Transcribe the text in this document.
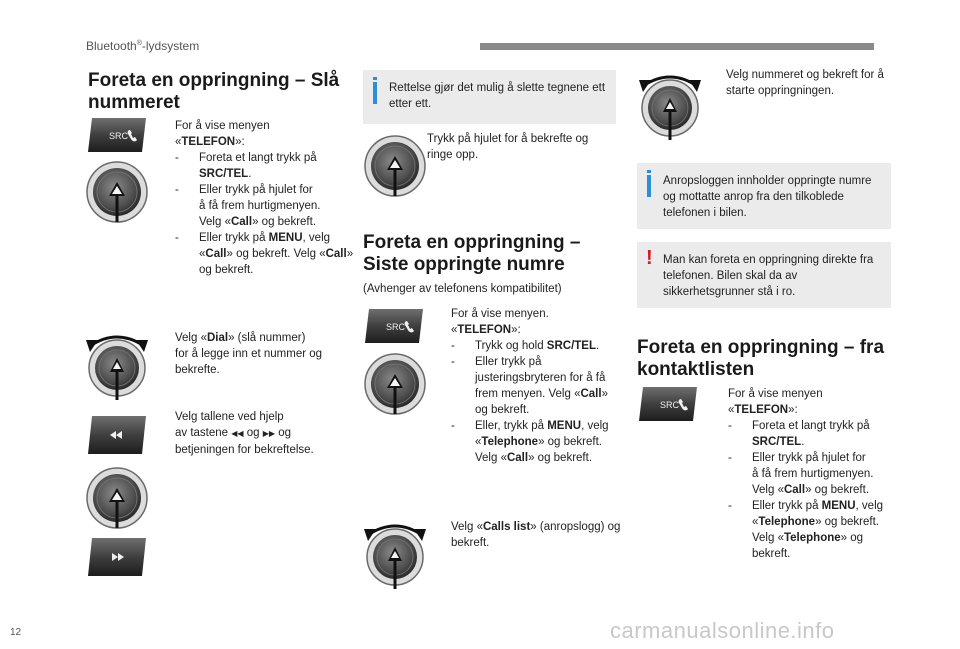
Bluetooth®-lydsystem
Foreta en oppringning – Slå
nummeret
For å vise menyen
«TELEFON»:
- Foreta et langt trykk på SRC/TEL.
- Eller trykk på hjulet for
å få frem hurtigmenyen.
Velg «Call» og bekreft.
- Eller trykk på MENU, velg «Call» og bekreft. Velg «Call» og bekreft.
Velg «Dial» (slå nummer)
for å legge inn et nummer og
bekrefte.
Velg tallene ved hjelp
av tastene ◀◀ og ▶▶ og
betjeningen for bekreftelse.
Rettelse gjør det mulig å slette tegnene ett etter ett.
Trykk på hjulet for å bekrefte og ringe opp.
Foreta en oppringning –
Siste oppringte numre
(Avhenger av telefonens kompatibilitet)
For å vise menyen.
«TELEFON»:
- Trykk og hold SRC/TEL.
- Eller trykk på justeringsbryteren for å få frem menyen. Velg «Call» og bekreft.
- Eller, trykk på MENU, velg «Telephone» og bekreft. Velg «Call» og bekreft.
Velg «Calls list» (anropslogg) og bekreft.
Velg nummeret og bekreft for å starte oppringningen.
Anropsloggen innholder oppringte numre og mottatte anrop fra den tilkoblede telefonen i bilen.
! Man kan foreta en oppringning direkte fra telefonen. Bilen skal da av sikkerhetsgrunner stå i ro.
Foreta en oppringning – fra
kontaktlisten
For å vise menyen
«TELEFON»:
- Foreta et langt trykk på SRC/TEL.
- Eller trykk på hjulet for
å få frem hurtigmenyen.
Velg «Call» og bekreft.
- Eller trykk på MENU, velg «Telephone» og bekreft. Velg «Telephone» og bekreft.
12	carmanualsonline.info
